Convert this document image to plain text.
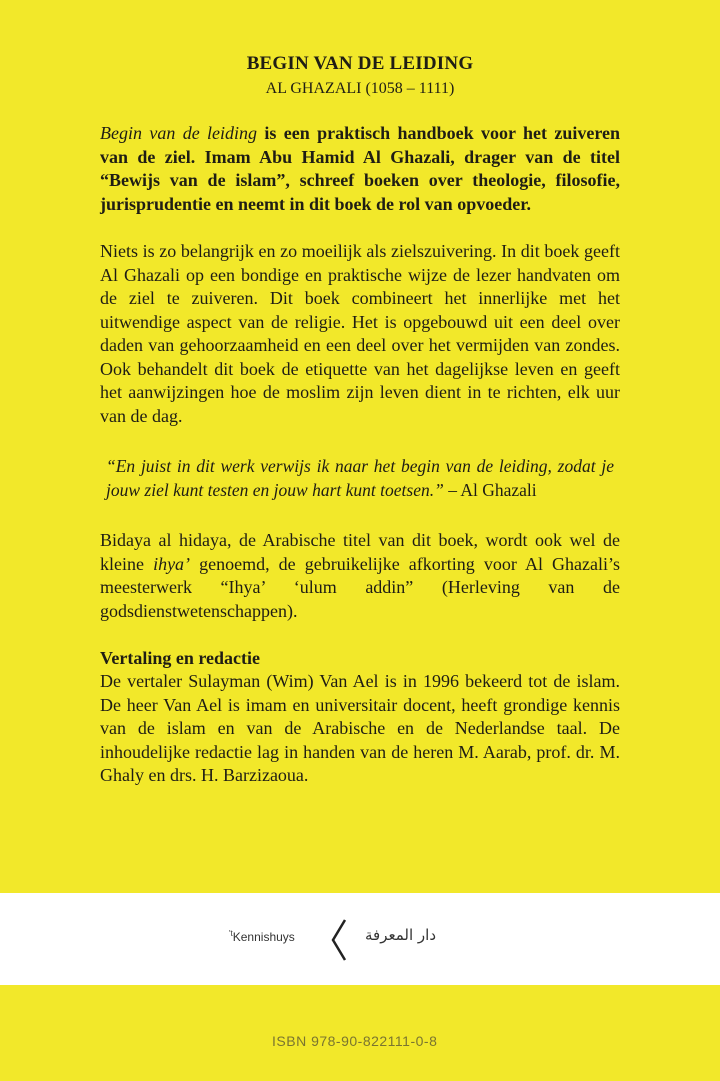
BEGIN VAN DE LEIDING
AL GHAZALI (1058 – 1111)

Begin van de leiding is een praktisch handboek voor het zuiveren van de ziel. Imam Abu Hamid Al Ghazali, drager van de titel “Bewijs van de islam”, schreef boeken over theologie, filosofie, jurisprudentie en neemt in dit boek de rol van opvoeder.

Niets is zo belangrijk en zo moeilijk als zielszuivering. In dit boek geeft Al Ghazali op een bondige en praktische wijze de lezer handvaten om de ziel te zuiveren. Dit boek combineert het innerlijke met het uitwendige aspect van de religie. Het is opgebouwd uit een deel over daden van gehoorzaamheid en een deel over het vermijden van zondes. Ook behandelt dit boek de etiquette van het dagelijkse leven en geeft het aanwijzingen hoe de moslim zijn leven dient in te richten, elk uur van de dag.

“En juist in dit werk verwijs ik naar het begin van de leiding, zodat je jouw ziel kunt testen en jouw hart kunt toetsen.” – Al Ghazali

Bidaya al hidaya, de Arabische titel van dit boek, wordt ook wel de kleine ihya’ genoemd, de gebruikelijke afkorting voor Al Ghazali’s meesterwerk “Ihya’ ‘ulum addin” (Herleving van de godsdienstwetenschappen).

Vertaling en redactie

De vertaler Sulayman (Wim) Van Ael is in 1996 bekeerd tot de islam. De heer Van Ael is imam en universitair docent, heeft grondige kennis van de islam en van de Arabische en de Nederlandse taal. De inhoudelijke redactie lag in handen van de heren M. Aarab, prof. dr. M. Ghaly en drs. H. Barzizaoua.

$^{'t}$Kennishuys	دار المعرفة
ISBN 978-90-822111-0-8
